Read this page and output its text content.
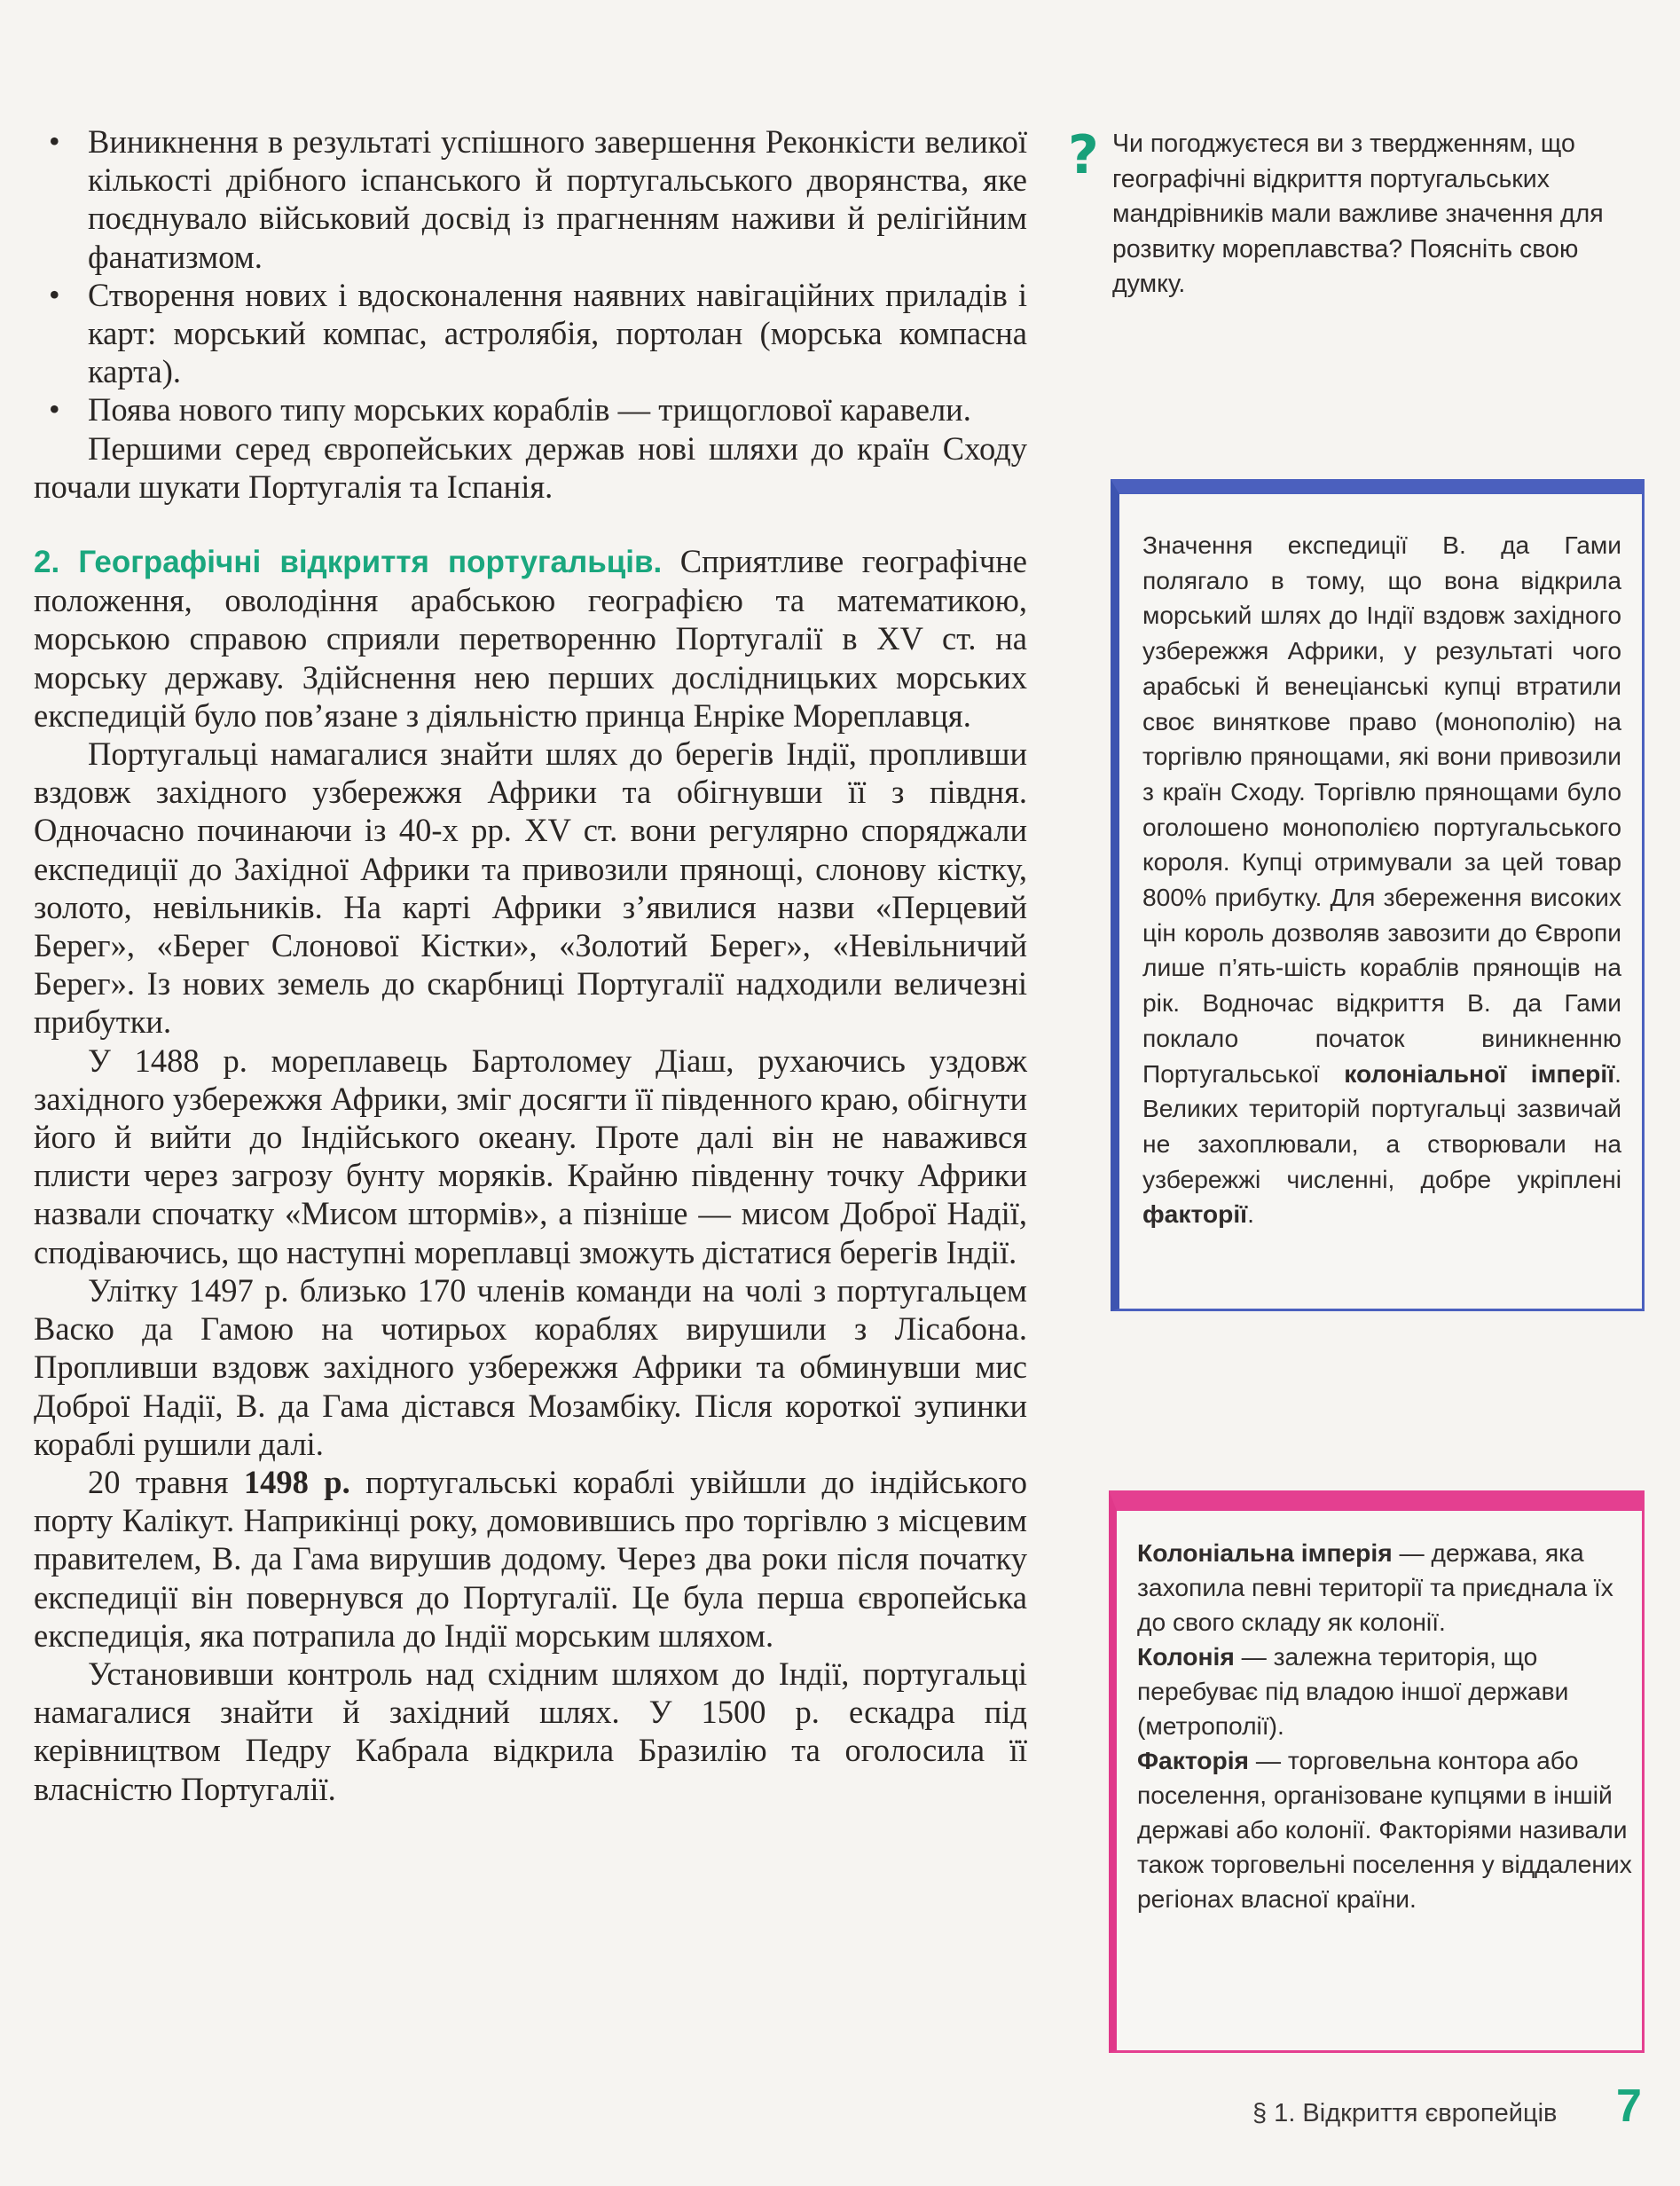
• Виникнення в результаті успішного завершення Реконкісти великої кількості дрібного іспанського й португальського дворянства, яке поєднувало військовий досвід із прагненням наживи й релігійним фанатизмом.
• Створення нових і вдосконалення наявних навігаційних приладів і карт: морський компас, астролябія, портолан (морська компасна карта).
• Поява нового типу морських кораблів — трищоглової каравели.

Першими серед європейських держав нові шляхи до країн Сходу почали шукати Португалія та Іспанія.

2. Географічні відкриття португальців. Сприятливе географічне положення, оволодіння арабською географією та математикою, морською справою сприяли перетворенню Португалії в XV ст. на морську державу. Здійснення нею перших дослідницьких морських експедицій було пов’язане з діяльністю принца Енріке Мореплавця.

Португальці намагалися знайти шлях до берегів Індії, пропливши вздовж західного узбережжя Африки та обігнувши її з півдня. Одночасно починаючи із 40-х рр. XV ст. вони регулярно споряджали експедиції до Західної Африки та привозили прянощі, слонову кістку, золото, невільників. На карті Африки з’явилися назви «Перцевий Берег», «Берег Слонової Кістки», «Золотий Берег», «Невільничий Берег». Із нових земель до скарбниці Португалії надходили величезні прибутки.

У 1488 р. мореплавець Бартоломеу Діаш, рухаючись уздовж західного узбережжя Африки, зміг досягти її південного краю, обігнути його й вийти до Індійського океану. Проте далі він не наважився плисти через загрозу бунту моряків. Крайню південну точку Африки назвали спочатку «Мисом штормів», а пізніше — мисом Доброї Надії, сподіваючись, що наступні мореплавці зможуть дістатися берегів Індії.

Улітку 1497 р. близько 170 членів команди на чолі з португальцем Васко да Гамою на чотирьох кораблях вирушили з Лісабона. Пропливши вздовж західного узбережжя Африки та обминувши мис Доброї Надії, В. да Гама дістався Мозамбіку. Після короткої зупинки кораблі рушили далі.

20 травня 1498 р. португальські кораблі увійшли до індійського порту Калікут. Наприкінці року, домовившись про торгівлю з місцевим правителем, В. да Гама вирушив додому. Через два роки після початку експедиції він повернувся до Португалії. Це була перша європейська експедиція, яка потрапила до Індії морським шляхом.

Установивши контроль над східним шляхом до Індії, португальці намагалися знайти й західний шлях. У 1500 р. ескадра під керівництвом Педру Кабрала відкрила Бразилію та оголосила її власністю Португалії.

? Чи погоджуєтеся ви з твердженням, що географічні відкриття португальських мандрівників мали важливе значення для розвитку мореплавства? Поясніть свою думку.
Значення експедиції В. да Гами полягало в тому, що вона відкрила морський шлях до Індії вздовж західного узбережжя Африки, у результаті чого арабські й венеціанські купці втратили своє виняткове право (монополію) на торгівлю прянощами, які вони привозили з країн Сходу. Торгівлю прянощами було оголошено монополією португальського короля. Купці отримували за цей товар 800% прибутку. Для збереження високих цін король дозволяв завозити до Європи лише п’ять-шість кораблів прянощів на рік. Водночас відкриття В. да Гами поклало початок виникненню Португальської колоніальної імперії. Великих територій португальці зазвичай не захоплювали, а створювали на узбережжі численні, добре укріплені факторії.

Колоніальна імперія — держава, яка захопила певні території та приєднала їх до свого складу як колонії.

Колонія — залежна територія, що перебуває під владою іншої держави (метрополії).

Факторія — торговельна контора або поселення, організоване купцями в іншій державі або колонії. Факторіями називали також торговельні поселення у віддалених регіонах власної країни.

§ 1. Відкриття європейців 7
